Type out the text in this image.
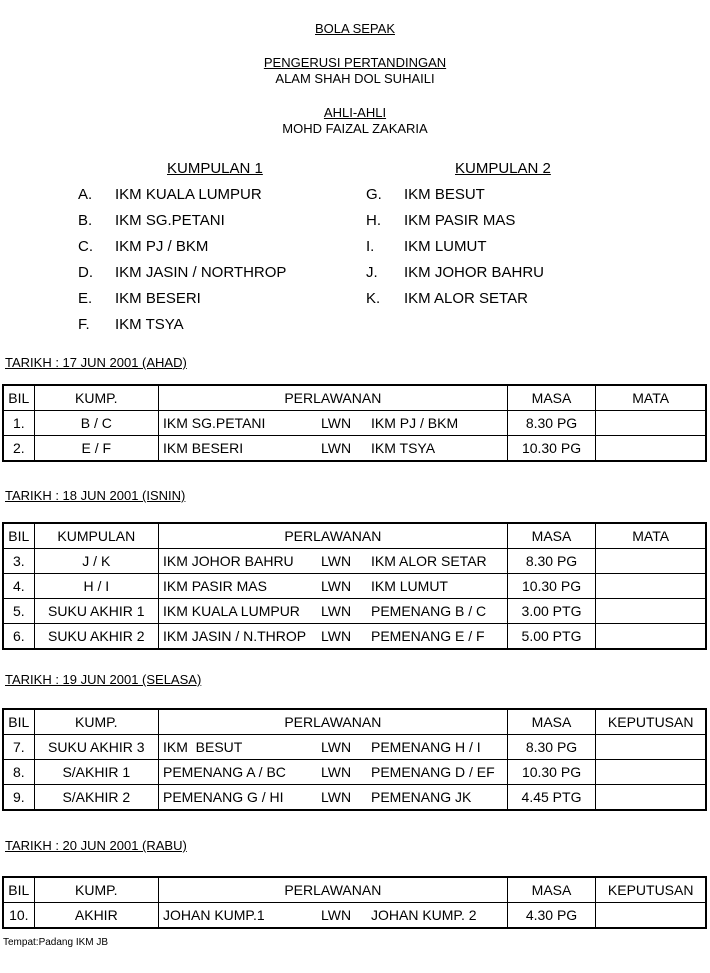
BOLA SEPAK
PENGERUSI PERTANDINGAN
ALAM SHAH DOL SUHAILI
AHLI-AHLI
MOHD FAIZAL ZAKARIA
KUMPULAN 1	KUMPULAN 2
A. IKM KUALA LUMPUR
B. IKM SG.PETANI
C. IKM PJ / BKM
D. IKM JASIN / NORTHROP
E. IKM BESERI
F. IKM TSYA
G. IKM BESUT
H. IKM PASIR MAS
I. IKM LUMUT
J. IKM JOHOR BAHRU
K. IKM ALOR SETAR
TARIKH : 17 JUN 2001 (AHAD)
BIL	KUMP.	PERLAWANAN	MASA	MATA
1.	B / C	IKM SG.PETANI LWN IKM PJ / BKM	8.30 PG	
2.	E / F	IKM BESERI LWN IKM TSYA	10.30 PG	
TARIKH : 18 JUN 2001 (ISNIN)
BIL	KUMPULAN	PERLAWANAN	MASA	MATA
3.	J / K	IKM JOHOR BAHRU LWN IKM ALOR SETAR	8.30 PG	
4.	H / I	IKM PASIR MAS LWN IKM LUMUT	10.30 PG	
5.	SUKU AKHIR 1	IKM KUALA LUMPUR LWN PEMENANG B / C	3.00 PTG	
6.	SUKU AKHIR 2	IKM JASIN / N.THROP LWN PEMENANG E / F	5.00 PTG	
TARIKH : 19 JUN 2001 (SELASA)
BIL	KUMP.	PERLAWANAN	MASA	KEPUTUSAN
7.	SUKU AKHIR 3	IKM  BESUT LWN PEMENANG H / I	8.30 PG	
8.	S/AKHIR 1	PEMENANG A / BC LWN PEMENANG D / EF	10.30 PG	
9.	S/AKHIR 2	PEMENANG G / HI LWN PEMENANG JK	4.45 PTG	
TARIKH : 20 JUN 2001 (RABU)
BIL	KUMP.	PERLAWANAN	MASA	KEPUTUSAN
10.	AKHIR	JOHAN KUMP.1 LWN JOHAN KUMP. 2	4.30 PG	
Tempat:Padang IKM JB
